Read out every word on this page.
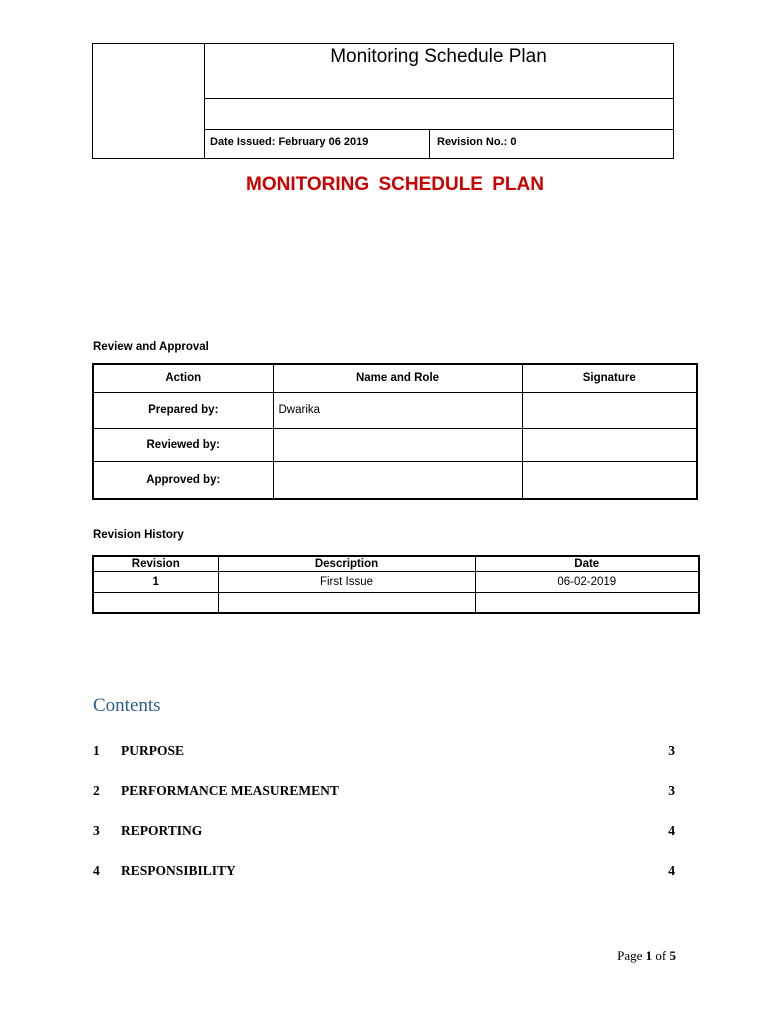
Monitoring Schedule Plan
Date Issued: February 06 2019	Revision No.: 0
MONITORING SCHEDULE PLAN
Review and Approval
Action	Name and Role	Signature
Prepared by:	Dwarika	
Reviewed by:		
Approved by:		
Revision History
Revision	Description	Date
1	First Issue	06-02-2019

Contents
1 PURPOSE	3
2 PERFORMANCE MEASUREMENT	3
3 REPORTING	4
4 RESPONSIBILITY	4
Page 1 of 5
